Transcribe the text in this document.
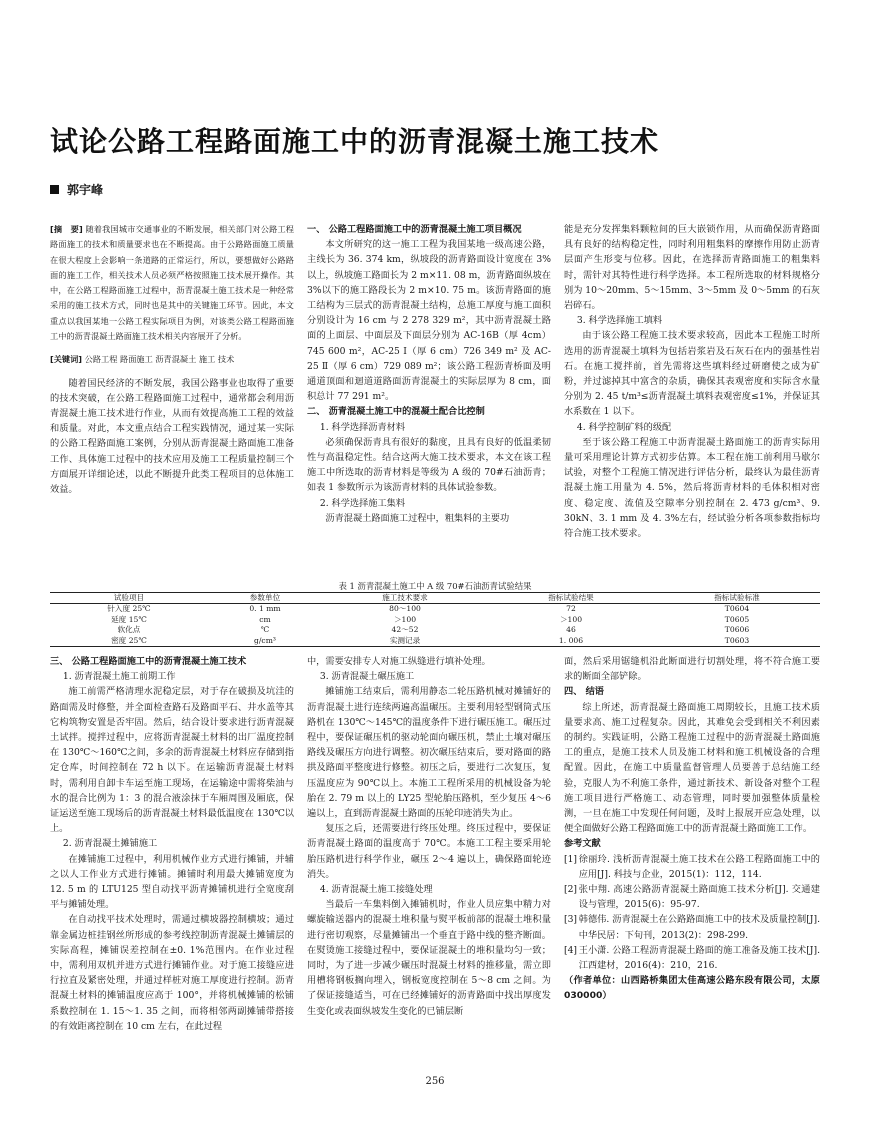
试论公路工程路面施工中的沥青混凝土施工技术
郭宇峰

[摘　要] 随着我国城市交通事业的不断发展，相关部门对公路工程路面施工的技术和质量要求也在不断提高。由于公路路面施工质量在很大程度上会影响一条道路的正常运行，所以，要想做好公路路面的施工工作，相关技术人员必须严格按照施工技术展开操作。其中，在公路工程路面施工过程中，沥青混凝土施工技术是一种经常采用的施工技术方式，同时也是其中的关键施工环节。因此，本文重点以我国某地一公路工程实际项目为例，对该类公路工程路面施工中的沥青混凝土路面施工技术相关内容展开了分析。

[关键词] 公路工程 路面施工 沥青混凝土 施工 技术

随着国民经济的不断发展，我国公路事业也取得了重要的技术突破，在公路工程路面施工过程中，通常都会利用沥青混凝土施工技术进行作业，从而有效提高施工工程的效益和质量。对此，本文重点结合工程实践情况，通过某一实际的公路工程路面施工案例，分别从沥青混凝土路面施工准备工作、具体施工过程中的技术应用及施工工程质量控制三个方面展开详细论述，以此不断提升此类工程项目的总体施工效益。

一、 公路工程路面施工中的沥青混凝土施工项目概况

本文所研究的这一施工工程为我国某地一级高速公路，主线长为 36. 374 km，纵坡段的沥青路面设计宽度在 3%以上，纵坡施工路面长为 2 m×11. 08 m，沥青路面纵坡在 3%以下的施工路段长为 2 m×10. 75 m。该沥青路面的施工结构为三层式的沥青混凝土结构，总施工厚度与施工面积分别设计为 16 cm 与 2 278 329 m²，其中沥青混凝土路面的上面层、中面层及下面层分别为 AC-16B（厚 4cm）745 600 m²，AC-25 Ⅰ（厚 6 cm）726 349 m² 及 AC-25 Ⅱ（厚 6 cm）729 089 m²；该公路工程沥青桥面及明通道顶面和迴道道路面沥青混凝土的实际层厚为 8 cm，面积总计 77 291 m²。

二、 沥青混凝土施工中的混凝土配合比控制

1. 科学选择沥青材料

必须确保沥青具有很好的黏度，且具有良好的低温柔韧性与高温稳定性。结合这两大施工技术要求，本文在该工程施工中所选取的沥青材料是等级为 A 级的 70#石油沥青；如表 1 参数所示为该沥青材料的具体试验参数。

2. 科学选择施工集料

沥青混凝土路面施工过程中，粗集料的主要功

能是充分发挥集料颗粒间的巨大嵌锁作用，从而确保沥青路面具有良好的结构稳定性，同时利用粗集料的摩擦作用防止沥青层面产生形变与位移。因此，在选择沥青路面施工的粗集料时，需针对其特性进行科学选择。本工程所选取的材料规格分别为 10～20mm、5～15mm、3～5mm 及 0～5mm 的石灰岩碎石。

3. 科学选择施工填料

由于该公路工程施工技术要求较高，因此本工程施工时所选用的沥青混凝土填料为包括岩浆岩及石灰石在内的强基性岩石。在施工搅拌前，首先需将这些填料经过研磨使之成为矿粉，并过滤掉其中富含的杂质，确保其表观密度和实际含水量分别为 2. 45 t/m³≤沥青混凝土填料表观密度≤1%，并保证其水系数在 1 以下。

4. 科学控制矿料的级配

至于该公路工程施工中沥青混凝土路面施工的沥青实际用量可采用理论计算方式初步估算。本工程在施工前利用马歇尔试验，对整个工程施工情况进行评估分析，最终认为最佳沥青混凝土施工用量为 4. 5%，然后将沥青材料的毛体积相对密度、稳定度、流值及空隙率分别控制在 2. 473 g/cm³、9. 30kN、3. 1 mm 及 4. 3%左右，经试验分析各项参数指标均符合施工技术要求。

表 1 沥青混凝土施工中 A 级 70#石油沥青试验结果
试验项目	参数单位	施工技术要求	指标试验结果	指标试验标准
针入度 25℃	0. 1 mm	80～100	72	T0604
延度 15℃	cm	＞100	＞100	T0605
软化点	℃	42～52	46	T0606
密度 25℃	g/cm³	实测记录	1. 006	T0603

三、 公路工程路面施工中的沥青混凝土施工技术

1. 沥青混凝土施工前期工作

施工前需严格清理水泥稳定层，对于存在破损及坑洼的路面需及时修整，并全面检查路石及路面平石、井水盖等其它构筑物安置是否牢固。然后，结合设计要求进行沥青混凝土试拌。搅拌过程中，应将沥青混凝土材料的出厂温度控制在 130℃～160℃之间，多余的沥青混凝土材料应存储到指定仓库，时间控制在 72 h 以下。在运输沥青混凝土材料时，需利用自卸卡车运至施工现场，在运输途中需将柴油与水的混合比例为 1：3 的混合液涂抹于车厢周围及厢底，保证运送至施工现场后的沥青混凝土材料最低温度在 130℃以上。

2. 沥青混凝土摊铺施工

在摊铺施工过程中，利用机械作业方式进行摊铺，并辅之以人工作业方式进行摊铺。摊铺时利用最大摊铺宽度为 12. 5 m 的 LTU125 型自动找平沥青摊铺机进行全宽度刮平与摊铺处理。

在自动找平技术处理时，需通过横坡器控制横坡；通过靠金属边桩挂钢丝所形成的参考线控制沥青混凝土摊铺层的实际高程，摊铺误差控制在±0. 1%范围内。在作业过程中，需利用双机并进方式进行摊铺作业。对于施工接缝应进行拉直及紧密处理，并通过样桩对施工厚度进行控制。沥青混凝土材料的摊铺温度应高于 100°，并将机械摊铺的松铺系数控制在 1. 15～1. 35 之间，而将相邻两副摊铺带搭接的有效距离控制在 10 cm 左右，在此过程

中，需要安排专人对施工纵缝进行填补处理。

3. 沥青混凝土碾压施工

摊铺施工结束后，需利用静态二轮压路机械对摊铺好的沥青混凝土进行连续两遍高温碾压。主要利用轻型钢筒式压路机在 130℃～145℃的温度条件下进行碾压施工。碾压过程中，要保证碾压机的驱动轮面向碾压机，禁止土壤对碾压路线及碾压方向进行调整。初次碾压结束后，要对路面的路拱及路面平整度进行修整。初压之后，要进行二次复压，复压温度应为 90℃以上。本施工工程所采用的机械设备为轮胎在 2. 79 m 以上的 LY25 型轮胎压路机，至少复压 4～6 遍以上，直到沥青混凝土路面的压轮印迹消失为止。

复压之后，还需要进行终压处理。终压过程中，要保证沥青混凝土路面的温度高于 70℃。本施工工程主要采用轮胎压路机进行科学作业，碾压 2～4 遍以上，确保路面轮迹消失。

4. 沥青混凝土施工接缝处理

当最后一车集料倒入摊铺机时，作业人员应集中精力对螺旋输送器内的混凝土堆积量与熨平板前部的混凝土堆积量进行密切观察，尽量摊铺出一个垂直于路中线的整齐断面。在熨烫施工接缝过程中，要保证混凝土的堆积量均匀一致；同时，为了进一步减少碾压时混凝土材料的推移量，需立即用槽将钢板搁向埋入，钢板宽度控制在 5～8 cm 之间。为了保证接缝适当，可在已经摊铺好的沥青路面中找出厚度发生变化或表面纵坡发生变化的已铺层断

面，然后采用锯缝机沿此断面进行切割处理，将不符合施工要求的断面全部铲除。

四、 结语

综上所述，沥青混凝土路面施工周期较长，且施工技术质量要求高、施工过程复杂。因此，其难免会受到相关不利因素的制约。实践证明，公路工程施工过程中的沥青混凝土路面施工的重点，是施工技术人员及施工材料和施工机械设备的合理配置。因此，在施工中质量监督管理人员要善于总结施工经验，克服人为不利施工条件，通过新技术、新设备对整个工程施工项目进行严格施工、动态管理，同时要加强整体质量检测，一旦在施工中发现任何问题，及时上报展开应急处理，以便全面做好公路工程路面施工中的沥青混凝土路面施工工作。

参考文献

[1] 徐丽玲. 浅析沥青混凝土施工技术在公路工程路面施工中的应用[J]. 科技与企业，2015(1)：112，114.

[2] 张中翔. 高速公路沥青混凝土路面施工技术分析[J]. 交通建设与管理，2015(6)：95-97.

[3] 韩德伟. 沥青混凝土在公路路面施工中的技术及质量控制[J]. 中华民居：下旬刊，2013(2)：298-299.

[4] 王小潇. 公路工程沥青混凝土路面的施工准备及施工技术[J]. 江西建材，2016(4)：210，216.

（作者单位：山西路桥集团太佳高速公路东段有限公司，太原 030000）

256
